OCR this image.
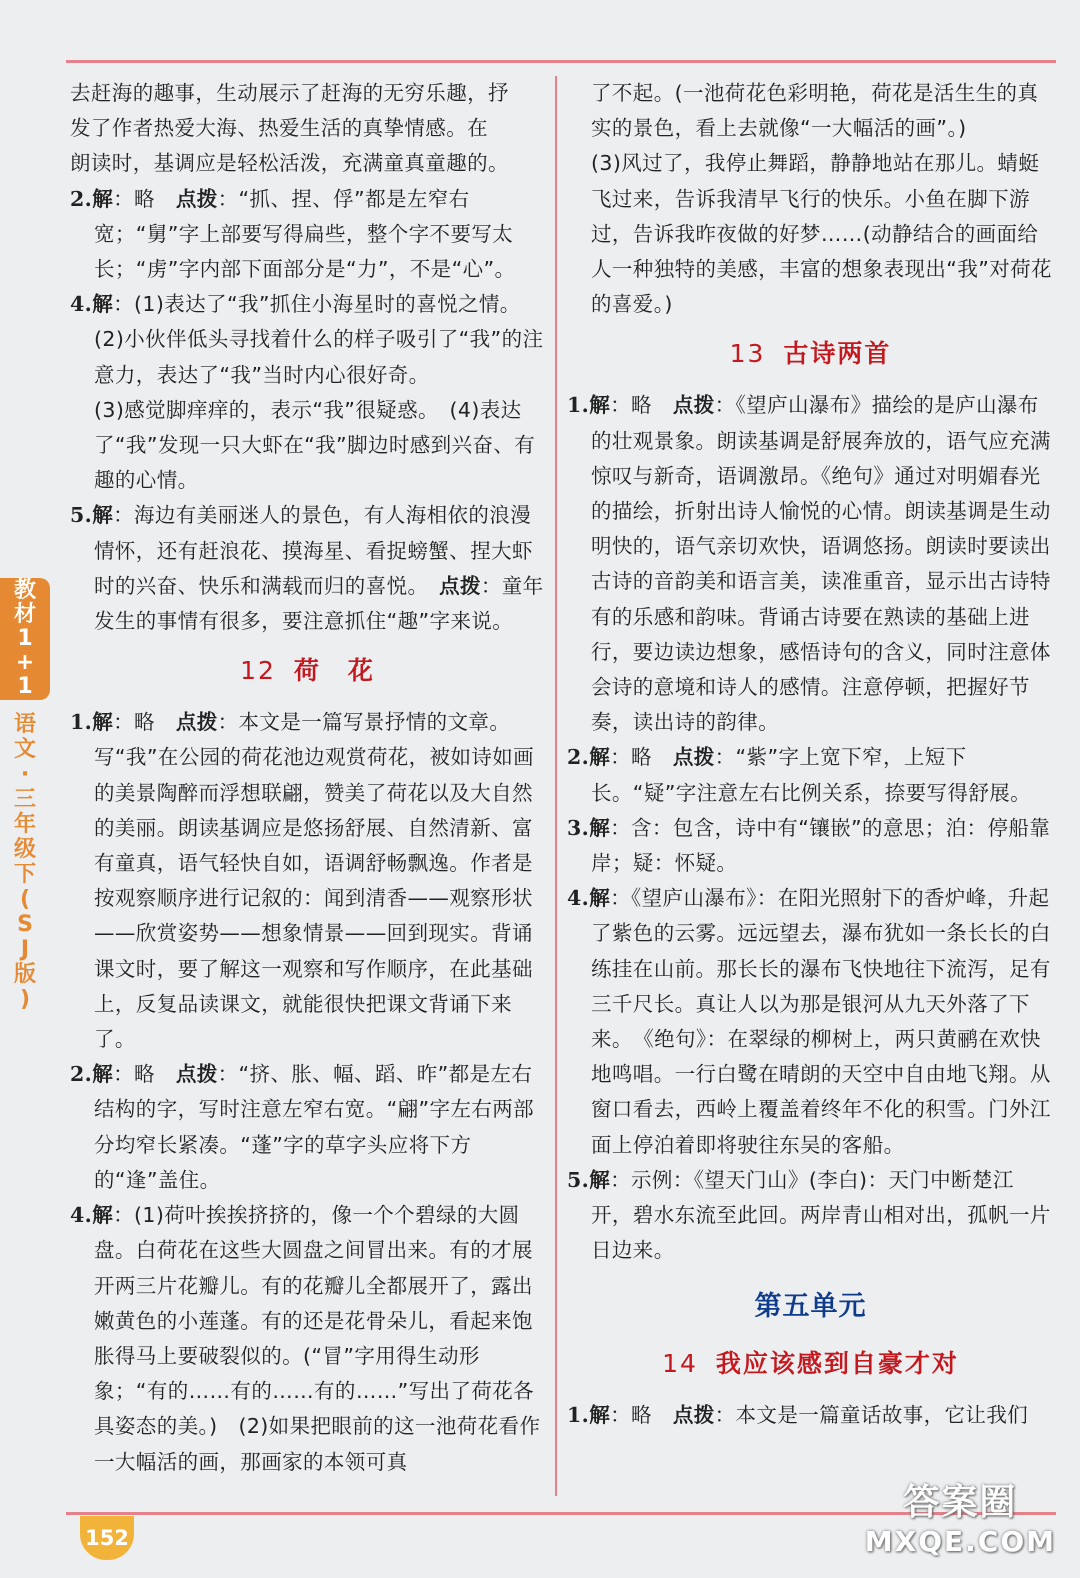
教
材
1
+
1
语
文
·
三
年
级
下
(
S
J
版
)

去赶海的趣事，生动展示了赶海的无穷乐趣，抒

发了作者热爱大海、热爱生活的真挚情感。在

朗读时，基调应是轻松活泼，充满童真童趣的。

2.解：略　点拨：“抓、捏、俘”都是左窄右宽；“舅”字上部要写得扁些，整个字不要写太长；“虏”字内部下面部分是“力”，不是“心”。

4.解：(1)表达了“我”抓住小海星时的喜悦之情。

(2)小伙伴低头寻找着什么的样子吸引了“我”的注意力，表达了“我”当时内心很好奇。

(3)感觉脚痒痒的，表示“我”很疑惑。　(4)表达了“我”发现一只大虾在“我”脚边时感到兴奋、有趣的心情。

5.解：海边有美丽迷人的景色，有人海相依的浪漫情怀，还有赶浪花、摸海星、看捉螃蟹、捏大虾时的兴奋、快乐和满载而归的喜悦。　点拨：童年发生的事情有很多，要注意抓住“趣”字来说。

12 荷　花

1.解：略　点拨：本文是一篇写景抒情的文章。写“我”在公园的荷花池边观赏荷花，被如诗如画的美景陶醉而浮想联翩，赞美了荷花以及大自然的美丽。朗读基调应是悠扬舒展、自然清新、富有童真，语气轻快自如，语调舒畅飘逸。作者是按观察顺序进行记叙的：闻到清香——观察形状——欣赏姿势——想象情景——回到现实。背诵课文时，要了解这一观察和写作顺序，在此基础上，反复品读课文，就能很快把课文背诵下来了。

2.解：略　点拨：“挤、胀、幅、蹈、昨”都是左右结构的字，写时注意左窄右宽。“翩”字左右两部分均窄长紧凑。“蓬”字的草字头应将下方的“逢”盖住。

4.解：(1)荷叶挨挨挤挤的，像一个个碧绿的大圆盘。白荷花在这些大圆盘之间冒出来。有的才展开两三片花瓣儿。有的花瓣儿全都展开了，露出嫩黄色的小莲蓬。有的还是花骨朵儿，看起来饱胀得马上要破裂似的。(“冒”字用得生动形象；“有的……有的……有的……”写出了荷花各具姿态的美。)　(2)如果把眼前的这一池荷花看作一大幅活的画，那画家的本领可真

了不起。(一池荷花色彩明艳，荷花是活生生的真实的景色，看上去就像“一大幅活的画”。)

(3)风过了，我停止舞蹈，静静地站在那儿。蜻蜓飞过来，告诉我清早飞行的快乐。小鱼在脚下游过，告诉我昨夜做的好梦……(动静结合的画面给人一种独特的美感，丰富的想象表现出“我”对荷花的喜爱。)

13 古诗两首

1.解：略　点拨：《望庐山瀑布》描绘的是庐山瀑布的壮观景象。朗读基调是舒展奔放的，语气应充满惊叹与新奇，语调激昂。《绝句》通过对明媚春光的描绘，折射出诗人愉悦的心情。朗读基调是生动明快的，语气亲切欢快，语调悠扬。朗读时要读出古诗的音韵美和语言美，读准重音，显示出古诗特有的乐感和韵味。背诵古诗要在熟读的基础上进行，要边读边想象，感悟诗句的含义，同时注意体会诗的意境和诗人的感情。注意停顿，把握好节奏，读出诗的韵律。

2.解：略　点拨：“紫”字上宽下窄，上短下长。“疑”字注意左右比例关系，捺要写得舒展。

3.解：含：包含，诗中有“镶嵌”的意思；泊：停船靠岸；疑：怀疑。

4.解：《望庐山瀑布》：在阳光照射下的香炉峰，升起了紫色的云雾。远远望去，瀑布犹如一条长长的白练挂在山前。那长长的瀑布飞快地往下流泻，足有三千尺长。真让人以为那是银河从九天外落了下来。　《绝句》：在翠绿的柳树上，两只黄鹂在欢快地鸣唱。一行白鹭在晴朗的天空中自由地飞翔。从窗口看去，西岭上覆盖着终年不化的积雪。门外江面上停泊着即将驶往东吴的客船。

5.解：示例：《望天门山》(李白)：天门中断楚江开，碧水东流至此回。两岸青山相对出，孤帆一片日边来。

第五单元
14 我应该感到自豪才对

1.解：略　点拨：本文是一篇童话故事，它让我们

152
答案圈
MXQE.COM
